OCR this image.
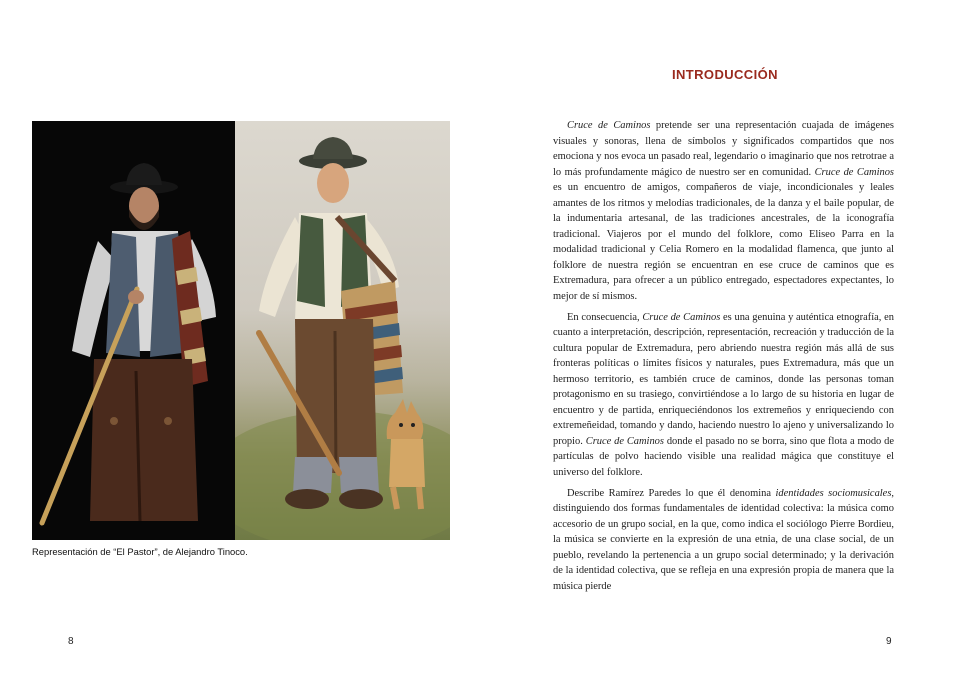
Representación de “El Pastor”, de Alejandro Tinoco.
8
INTRODUCCIÓN

Cruce de Caminos pretende ser una representación cuajada de imágenes visuales y sonoras, llena de símbolos y significados compartidos que nos emociona y nos evoca un pasado real, legendario o imaginario que nos retrotrae a lo más profundamente mágico de nuestro ser en comunidad. Cruce de Caminos es un encuentro de amigos, compañeros de viaje, incondicionales y leales amantes de los ritmos y melodías tradicionales, de la danza y el baile popular, de la indumentaria artesanal, de las tradiciones ancestrales, de la iconografía tradicional. Viajeros por el mundo del folklore, como Eliseo Parra en la modalidad tradicional y Celia Romero en la modalidad flamenca, que junto al folklore de nuestra región se encuentran en ese cruce de caminos que es Extremadura, para ofrecer a un público entregado, espectadores expectantes, lo mejor de sí mismos.

En consecuencia, Cruce de Caminos es una genuina y auténtica etnografía, en cuanto a interpretación, descripción, representación, recreación y traducción de la cultura popular de Extremadura, pero abriendo nuestra región más allá de sus fronteras políticas o límites físicos y naturales, pues Extremadura, más que un hermoso territorio, es también cruce de caminos, donde las personas toman protagonismo en su trasiego, convirtiéndose a lo largo de su historia en lugar de encuentro y de partida, enriqueciéndonos los extremeños y enriqueciendo con extremeñeidad, tomando y dando, haciendo nuestro lo ajeno y universalizando lo propio. Cruce de Caminos donde el pasado no se borra, sino que flota a modo de partículas de polvo haciendo visible una realidad mágica que constituye el universo del folklore.

Describe Ramírez Paredes lo que él denomina identidades sociomusicales, distinguiendo dos formas fundamentales de identidad colectiva: la música como accesorio de un grupo social, en la que, como indica el sociólogo Pierre Bordieu, la música se convierte en la expresión de una etnia, de una clase social, de un pueblo, revelando la pertenencia a un grupo social determinado; y la derivación de la identidad colectiva, que se refleja en una expresión propia de manera que la música pierde

9
